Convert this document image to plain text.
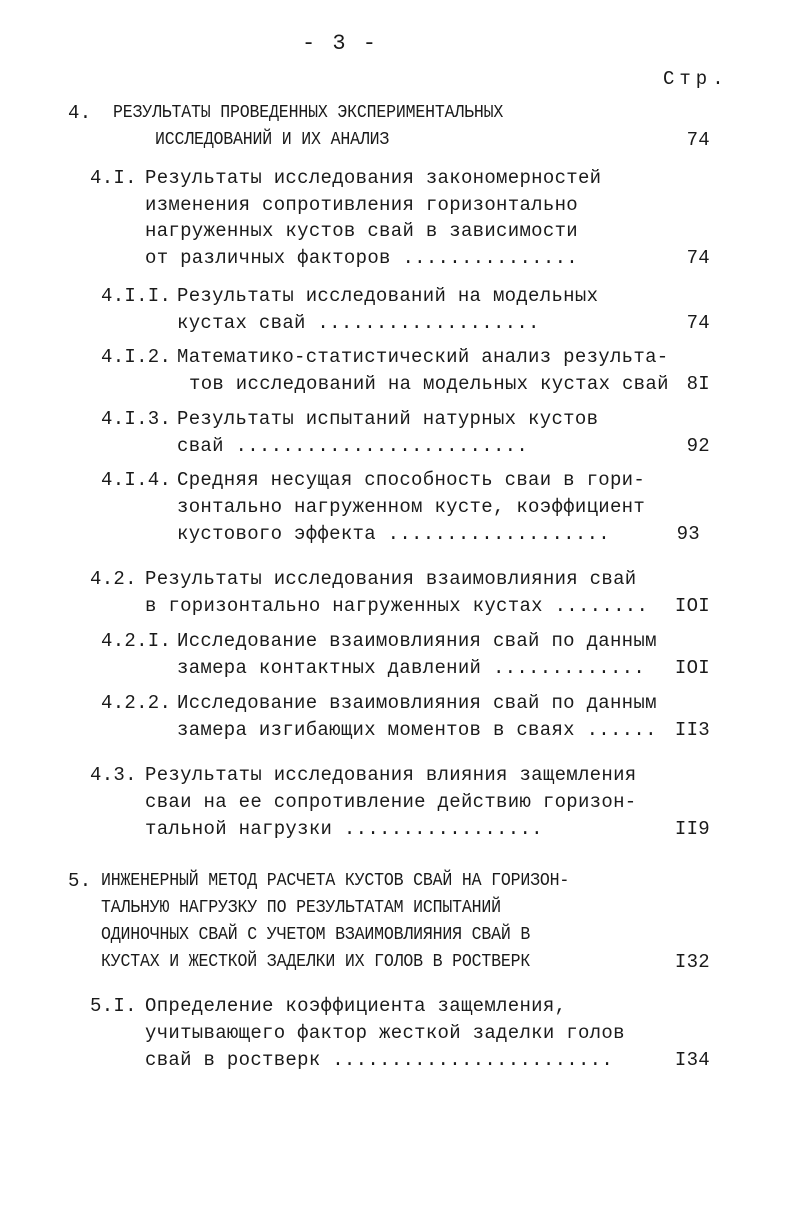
- 3 -
Стр.
4. РЕЗУЛЬТАТЫ ПРОВЕДЕННЫХ ЭКСПЕРИМЕНТАЛЬНЫХ
ИССЛЕДОВАНИЙ И ИХ АНАЛИЗ	74
4.I. Результаты исследования закономерностей
изменения сопротивления горизонтально
нагруженных кустов свай в зависимости
от различных факторов ...............	74
4.I.I. Результаты исследований на модельных
кустах свай ...................	74
4.I.2. Математико-статистический анализ результа-
тов исследований на модельных кустах свай 8I
4.I.3. Результаты испытаний натурных кустов
свай .........................	92
4.I.4. Средняя несущая способность сваи в гори-
зонтально нагруженном кусте, коэффициент
кустового эффекта ...................	93
4.2. Результаты исследования взаимовлияния свай
в горизонтально нагруженных кустах ........	IOI
4.2.I. Исследование взаимовлияния свай по данным
замера контактных давлений .............	IOI
4.2.2. Исследование взаимовлияния свай по данным
замера изгибающих моментов в сваях ...... II3
4.3. Результаты исследования влияния защемления
сваи на ее сопротивление действию горизон-
тальной нагрузки .................	II9
5. ИНЖЕНЕРНЫЙ МЕТОД РАСЧЕТА КУСТОВ СВАЙ НА ГОРИЗОН-
ТАЛЬНУЮ НАГРУЗКУ ПО РЕЗУЛЬТАТАМ ИСПЫТАНИЙ
ОДИНОЧНЫХ СВАЙ С УЧЕТОМ ВЗАИМОВЛИЯНИЯ СВАЙ В
КУСТАХ И ЖЕСТКОЙ ЗАДЕЛКИ ИХ ГОЛОВ В РОСТВЕРК	I32
5.I. Определение коэффициента защемления,
учитывающего фактор жесткой заделки голов
свай в ростверк ........................	I34
